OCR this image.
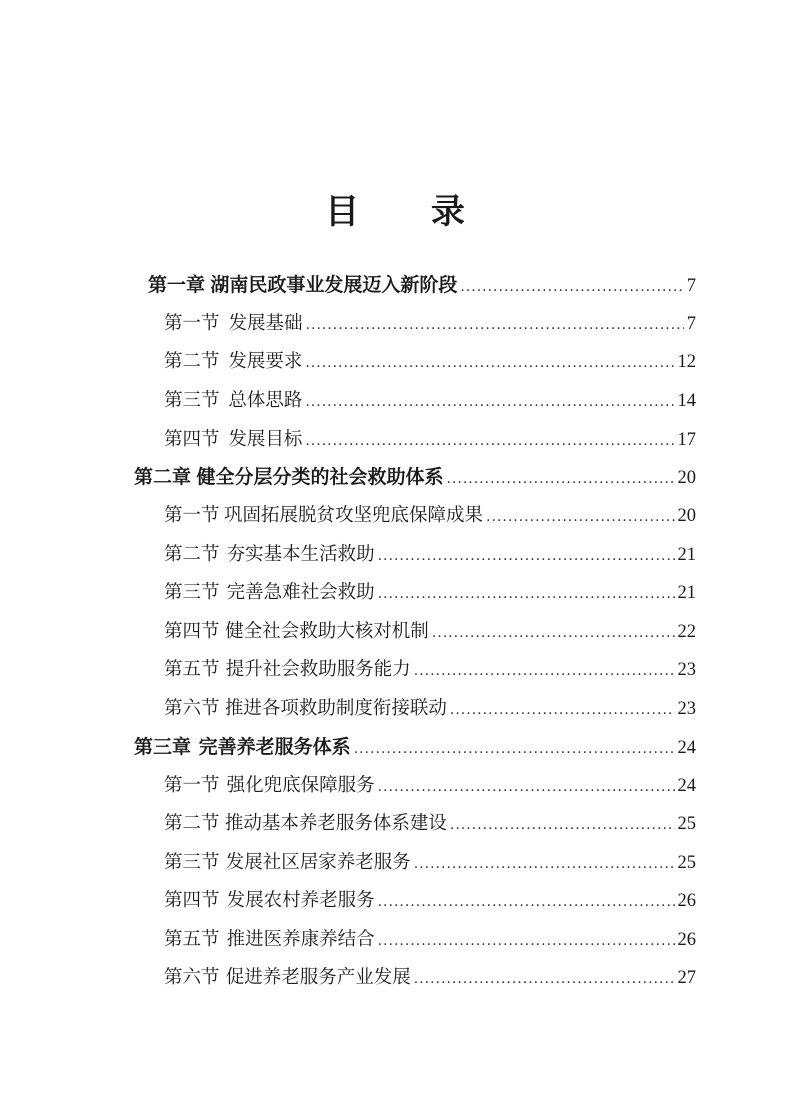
目 录
第一章 湖南民政事业发展迈入新阶段 .....	7
第一节 发展基础 .....	7
第二节 发展要求 .....	12
第三节 总体思路 .....	14
第四节 发展目标 .....	17
第二章 健全分层分类的社会救助体系 .....	20
第一节 巩固拓展脱贫攻坚兜底保障成果 .....	20
第二节 夯实基本生活救助 .....	21
第三节 完善急难社会救助 .....	21
第四节 健全社会救助大核对机制 .....	22
第五节 提升社会救助服务能力 .....	23
第六节 推进各项救助制度衔接联动 .....	23
第三章 完善养老服务体系 .....	24
第一节 强化兜底保障服务 .....	24
第二节 推动基本养老服务体系建设 .....	25
第三节 发展社区居家养老服务 .....	25
第四节 发展农村养老服务 .....	26
第五节 推进医养康养结合 .....	26
第六节 促进养老服务产业发展 .....	27
